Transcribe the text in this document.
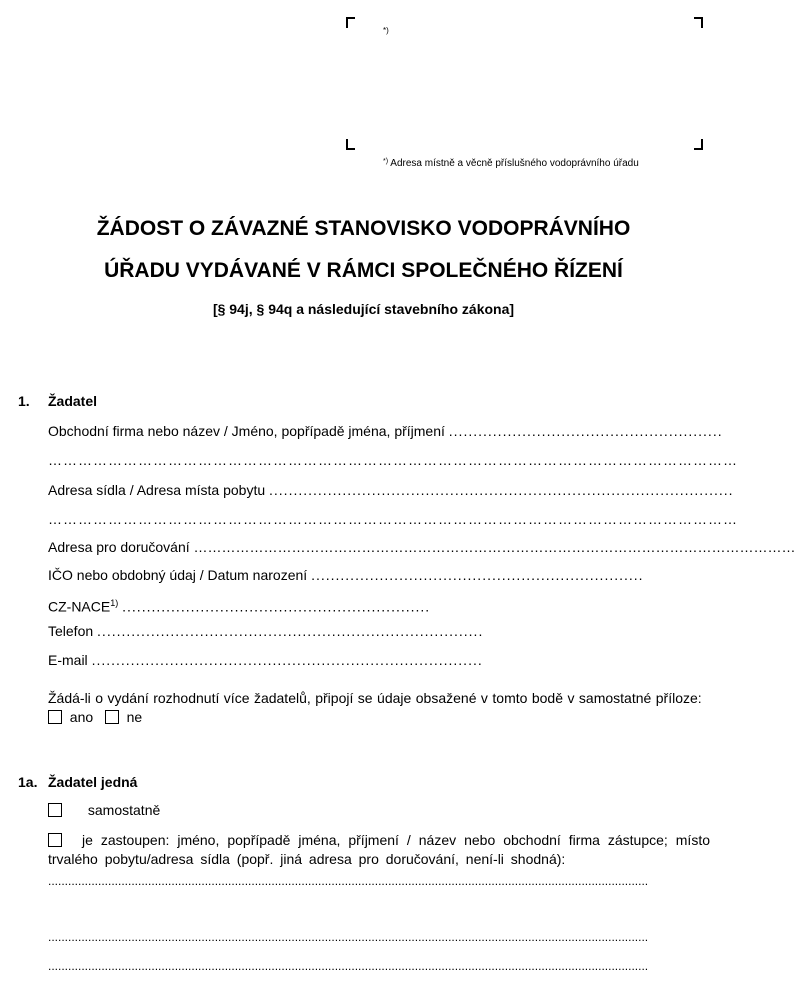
*)
*) Adresa místně a věcně příslušného vodoprávního úřadu
ŽÁDOST O ZÁVAZNÉ STANOVISKO VODOPRÁVNÍHO
ÚŘADU VYDÁVANÉ V RÁMCI SPOLEČNÉHO ŘÍZENÍ
[§ 94j, § 94q a následující stavebního zákona]
1. Žadatel
Obchodní firma nebo název / Jméno, popřípadě jména, příjmení ........................................................
…………………………………………………………………………………………………………………………
Adresa sídla / Adresa místa pobytu ...............................................................................................
…………………………………………………………………………………………………………………………
Adresa pro doručování …………………………………………………………………………………………………………………
IČO nebo obdobný údaj / Datum narození ....................................................................
CZ-NACE$^{1)}$ ...............................................................
Telefon ...............................................................................
E-mail ................................................................................
Žádá-li o vydání rozhodnutí více žadatelů, připojí se údaje obsažené v tomto bodě v samostatné příloze:    ano ne
1a. Žadatel jedná
samostatně
je zastoupen: jméno, popřípadě jména, příjmení / název nebo obchodní firma zástupce; místo trvalého pobytu/adresa sídla (popř. jiná adresa pro doručování, není-li shodná):
....................................................................................................................................................................................
....................................................................................................................................................................................
....................................................................................................................................................................................
